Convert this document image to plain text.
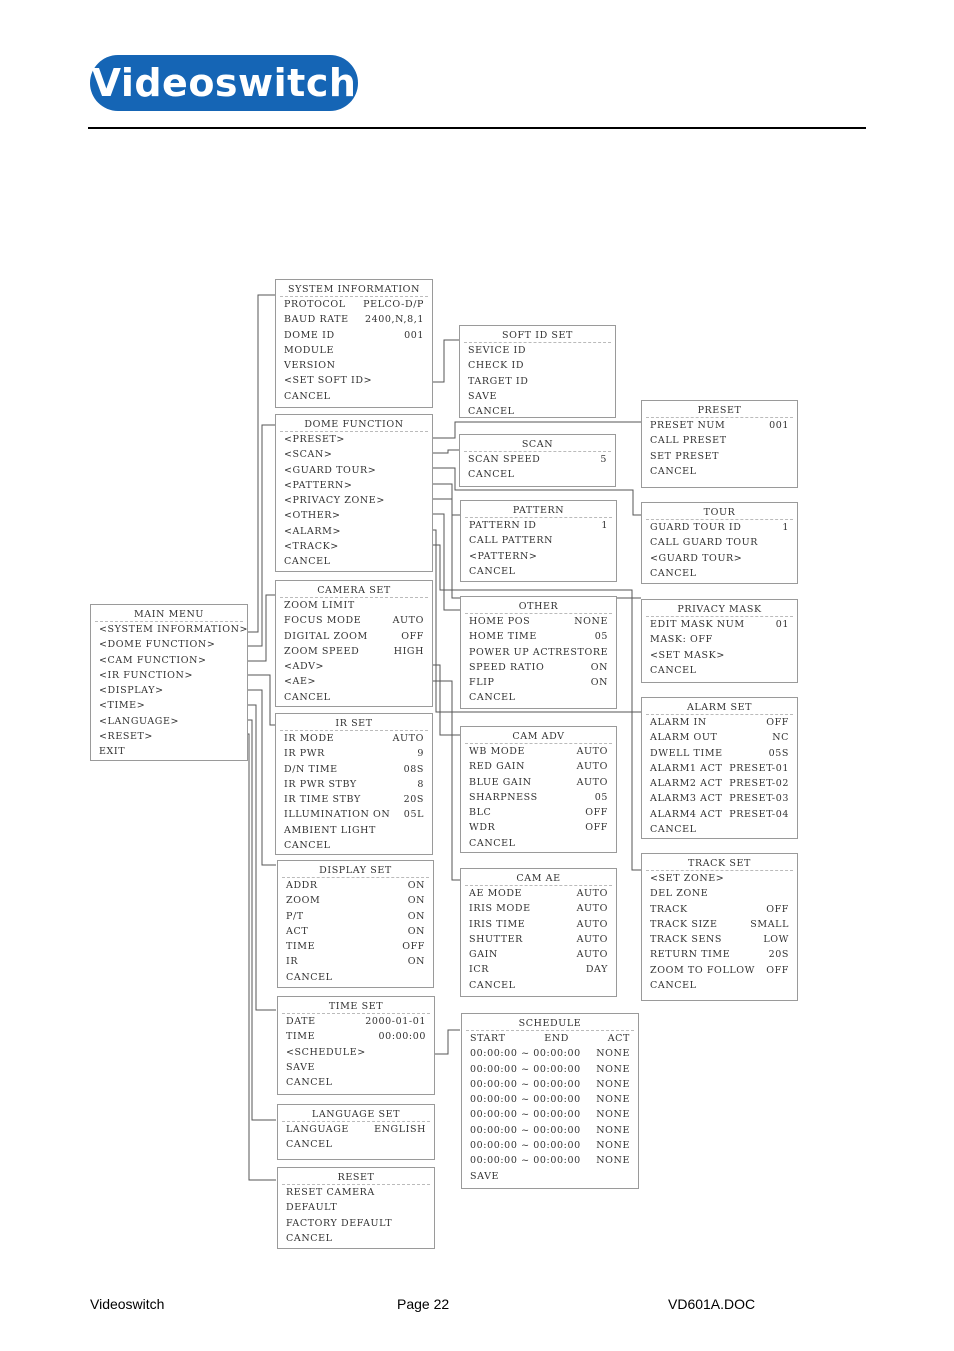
Videoswitch
MAIN MENU
<SYSTEM INFORMATION>
<DOME FUNCTION>
<CAM FUNCTION>
<IR FUNCTION>
<DISPLAY>
<TIME>
<LANGUAGE>
<RESET>
EXIT
SYSTEM INFORMATION
PROTOCOL PELCO-D/P
BAUD RATE 2400,N,8,1
DOME ID	001
MODULE
VERSION
<SET SOFT ID>
CANCEL
SOFT ID SET
SEVICE ID
CHECK ID
TARGET ID
SAVE
CANCEL
DOME FUNCTION
<PRESET>
<SCAN>
<GUARD TOUR>
<PATTERN>
<PRIVACY ZONE>
<OTHER>
<ALARM>
<TRACK>
CANCEL
PRESET
PRESET NUM	001
CALL PRESET
SET PRESET
CANCEL
SCAN
SCAN SPEED	5
CANCEL
PATTERN
PATTERN ID	1
CALL PATTERN
<PATTERN>
CANCEL
TOUR
GUARD TOUR ID	1
CALL GUARD TOUR
<GUARD TOUR>
CANCEL
CAMERA SET
ZOOM LIMIT
FOCUS MODE	AUTO
DIGITAL ZOOM	OFF
ZOOM SPEED	HIGH
<ADV>
<AE>
CANCEL
OTHER
HOME POS	NONE
HOME TIME	05
POWER UP ACT RESTORE
SPEED RATIO	ON
FLIP	ON
CANCEL
PRIVACY MASK
EDIT MASK NUM	01
MASK: OFF
<SET MASK>
CANCEL
ALARM SET
ALARM IN	OFF
ALARM OUT	NC
DWELL TIME	05S
ALARM1 ACT PRESET-01
ALARM2 ACT PRESET-02
ALARM3 ACT PRESET-03
ALARM4 ACT PRESET-04
CANCEL
IR SET
IR MODE	AUTO
IR PWR	9
D/N TIME	08S
IR PWR STBY	8
IR TIME STBY	20S
ILLUMINATION ON 05L
AMBIENT LIGHT
CANCEL
CAM ADV
WB MODE	AUTO
RED GAIN	AUTO
BLUE GAIN	AUTO
SHARPNESS	05
BLC	OFF
WDR	OFF
CANCEL
DISPLAY SET
ADDR	ON
ZOOM	ON
P/T	ON
ACT	ON
TIME	OFF
IR	ON
CANCEL
TRACK SET
<SET ZONE>
DEL ZONE
TRACK	OFF
TRACK SIZE	SMALL
TRACK SENS	LOW
RETURN TIME	20S
ZOOM TO FOLLOW OFF
CANCEL
CAM AE
AE MODE	AUTO
IRIS MODE	AUTO
IRIS TIME	AUTO
SHUTTER	AUTO
GAIN	AUTO
ICR	DAY
CANCEL
TIME SET
DATE	2000-01-01
TIME	00:00:00
<SCHEDULE>
SAVE
CANCEL
SCHEDULE
START	END	ACT
00:00:00 ~ 00:00:00 NONE
00:00:00 ~ 00:00:00 NONE
00:00:00 ~ 00:00:00 NONE
00:00:00 ~ 00:00:00 NONE
00:00:00 ~ 00:00:00 NONE
00:00:00 ~ 00:00:00 NONE
00:00:00 ~ 00:00:00 NONE
00:00:00 ~ 00:00:00 NONE
SAVE
LANGUAGE SET
LANGUAGE	ENGLISH
CANCEL
RESET
RESET CAMERA
DEFAULT
FACTORY DEFAULT
CANCEL
Videoswitch	Page 22	VD601A.DOC
